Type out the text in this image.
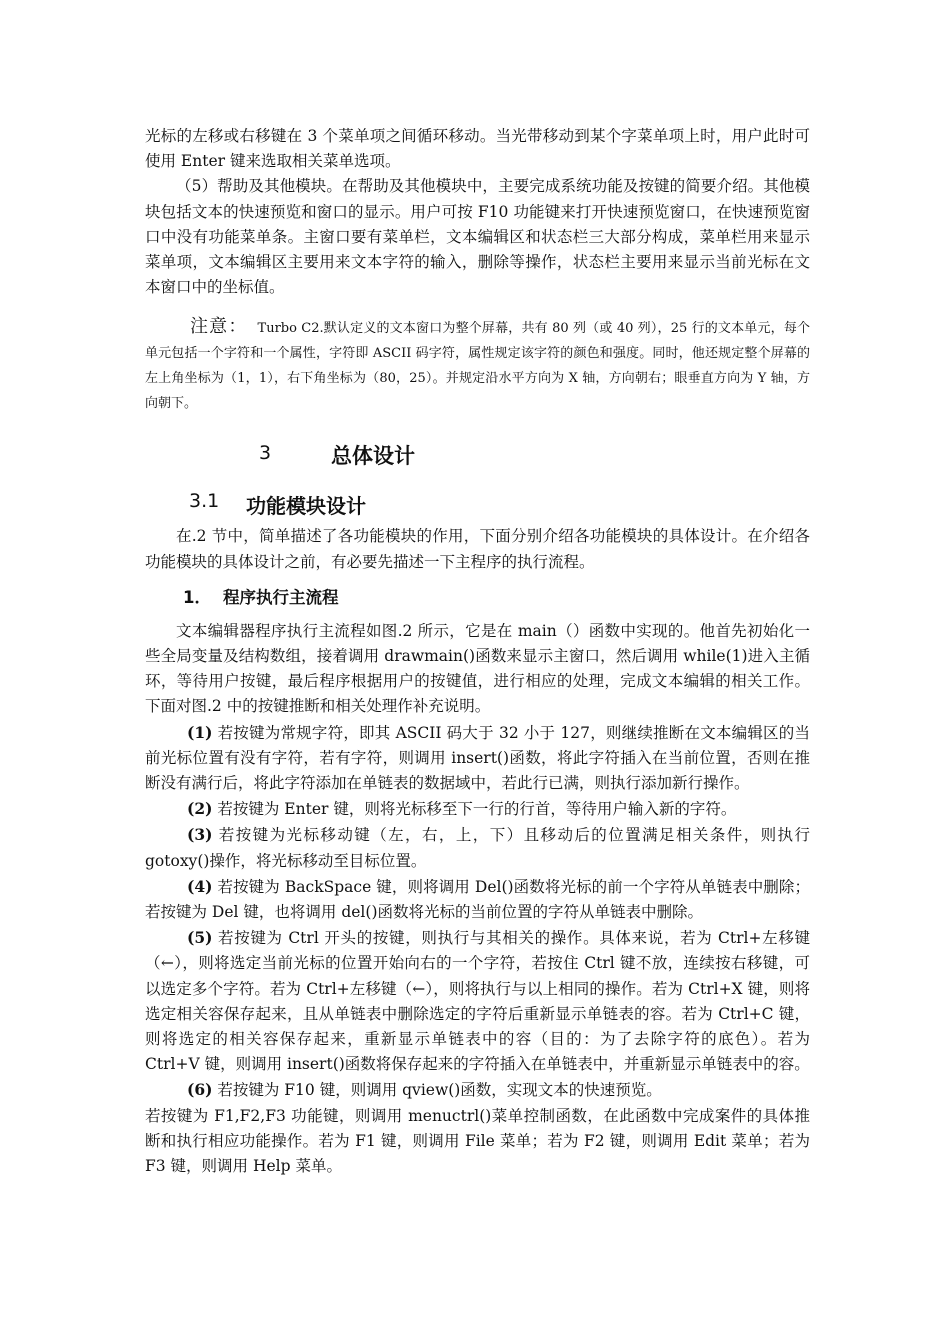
光标的左移或右移键在 3 个菜单项之间循环移动。当光带移动到某个字菜单项上时，用户此时可使用 Enter 键来选取相关菜单选项。

（5）帮助及其他模块。在帮助及其他模块中，主要完成系统功能及按键的简要介绍。其他模块包括文本的快速预览和窗口的显示。用户可按 F10 功能键来打开快速预览窗口，在快速预览窗口中没有功能菜单条。主窗口要有菜单栏，文本编辑区和状态栏三大部分构成，菜单栏用来显示菜单项，文本编辑区主要用来文本字符的输入，删除等操作，状态栏主要用来显示当前光标在文本窗口中的坐标值。

注意： Turbo C2.默认定义的文本窗口为整个屏幕，共有 80 列（或 40 列），25 行的文本单元，每个单元包括一个字符和一个属性，字符即 ASCII 码字符，属性规定该字符的颜色和强度。同时，他还规定整个屏幕的左上角坐标为（1，1），右下角坐标为（80，25）。并规定沿水平方向为 X 轴，方向朝右；眼垂直方向为 Y 轴，方向朝下。

3	总体设计
3.1 功能模块设计

在.2 节中，简单描述了各功能模块的作用，下面分别介绍各功能模块的具体设计。在介绍各功能模块的具体设计之前，有必要先描述一下主程序的执行流程。

1． 程序执行主流程

文本编辑器程序执行主流程如图.2 所示，它是在 main（）函数中实现的。他首先初始化一些全局变量及结构数组，接着调用 drawmain()函数来显示主窗口，然后调用 while(1)进入主循环，等待用户按键，最后程序根据用户的按键值，进行相应的处理，完成文本编辑的相关工作。下面对图.2 中的按键推断和相关处理作补充说明。

(1) 若按键为常规字符，即其 ASCII 码大于 32 小于 127，则继续推断在文本编辑区的当前光标位置有没有字符，若有字符，则调用 insert()函数，将此字符插入在当前位置，否则在推断没有满行后，将此字符添加在单链表的数据域中，若此行已满，则执行添加新行操作。

(2) 若按键为 Enter 键，则将光标移至下一行的行首，等待用户输入新的字符。

(3) 若按键为光标移动键（左，右，上，下）且移动后的位置满足相关条件，则执行 gotoxy()操作，将光标移动至目标位置。

(4) 若按键为 BackSpace 键，则将调用 Del()函数将光标的前一个字符从单链表中删除；若按键为 Del 键，也将调用 del()函数将光标的当前位置的字符从单链表中删除。

(5) 若按键为 Ctrl 开头的按键，则执行与其相关的操作。具体来说，若为 Ctrl+左移键（←），则将选定当前光标的位置开始向右的一个字符，若按住 Ctrl 键不放，连续按右移键，可以选定多个字符。若为 Ctrl+左移键（←），则将执行与以上相同的操作。若为 Ctrl+X 键，则将选定相关容保存起来，且从单链表中删除选定的字符后重新显示单链表的容。若为 Ctrl+C 键，则将选定的相关容保存起来，重新显示单链表中的容（目的：为了去除字符的底色）。若为 Ctrl+V 键，则调用 insert()函数将保存起来的字符插入在单链表中，并重新显示单链表中的容。

(6) 若按键为 F10 键，则调用 qview()函数，实现文本的快速预览。

若按键为 F1,F2,F3 功能键，则调用 menuctrl()菜单控制函数，在此函数中完成案件的具体推断和执行相应功能操作。若为 F1 键，则调用 File 菜单；若为 F2 键，则调用 Edit 菜单；若为 F3 键，则调用 Help 菜单。
